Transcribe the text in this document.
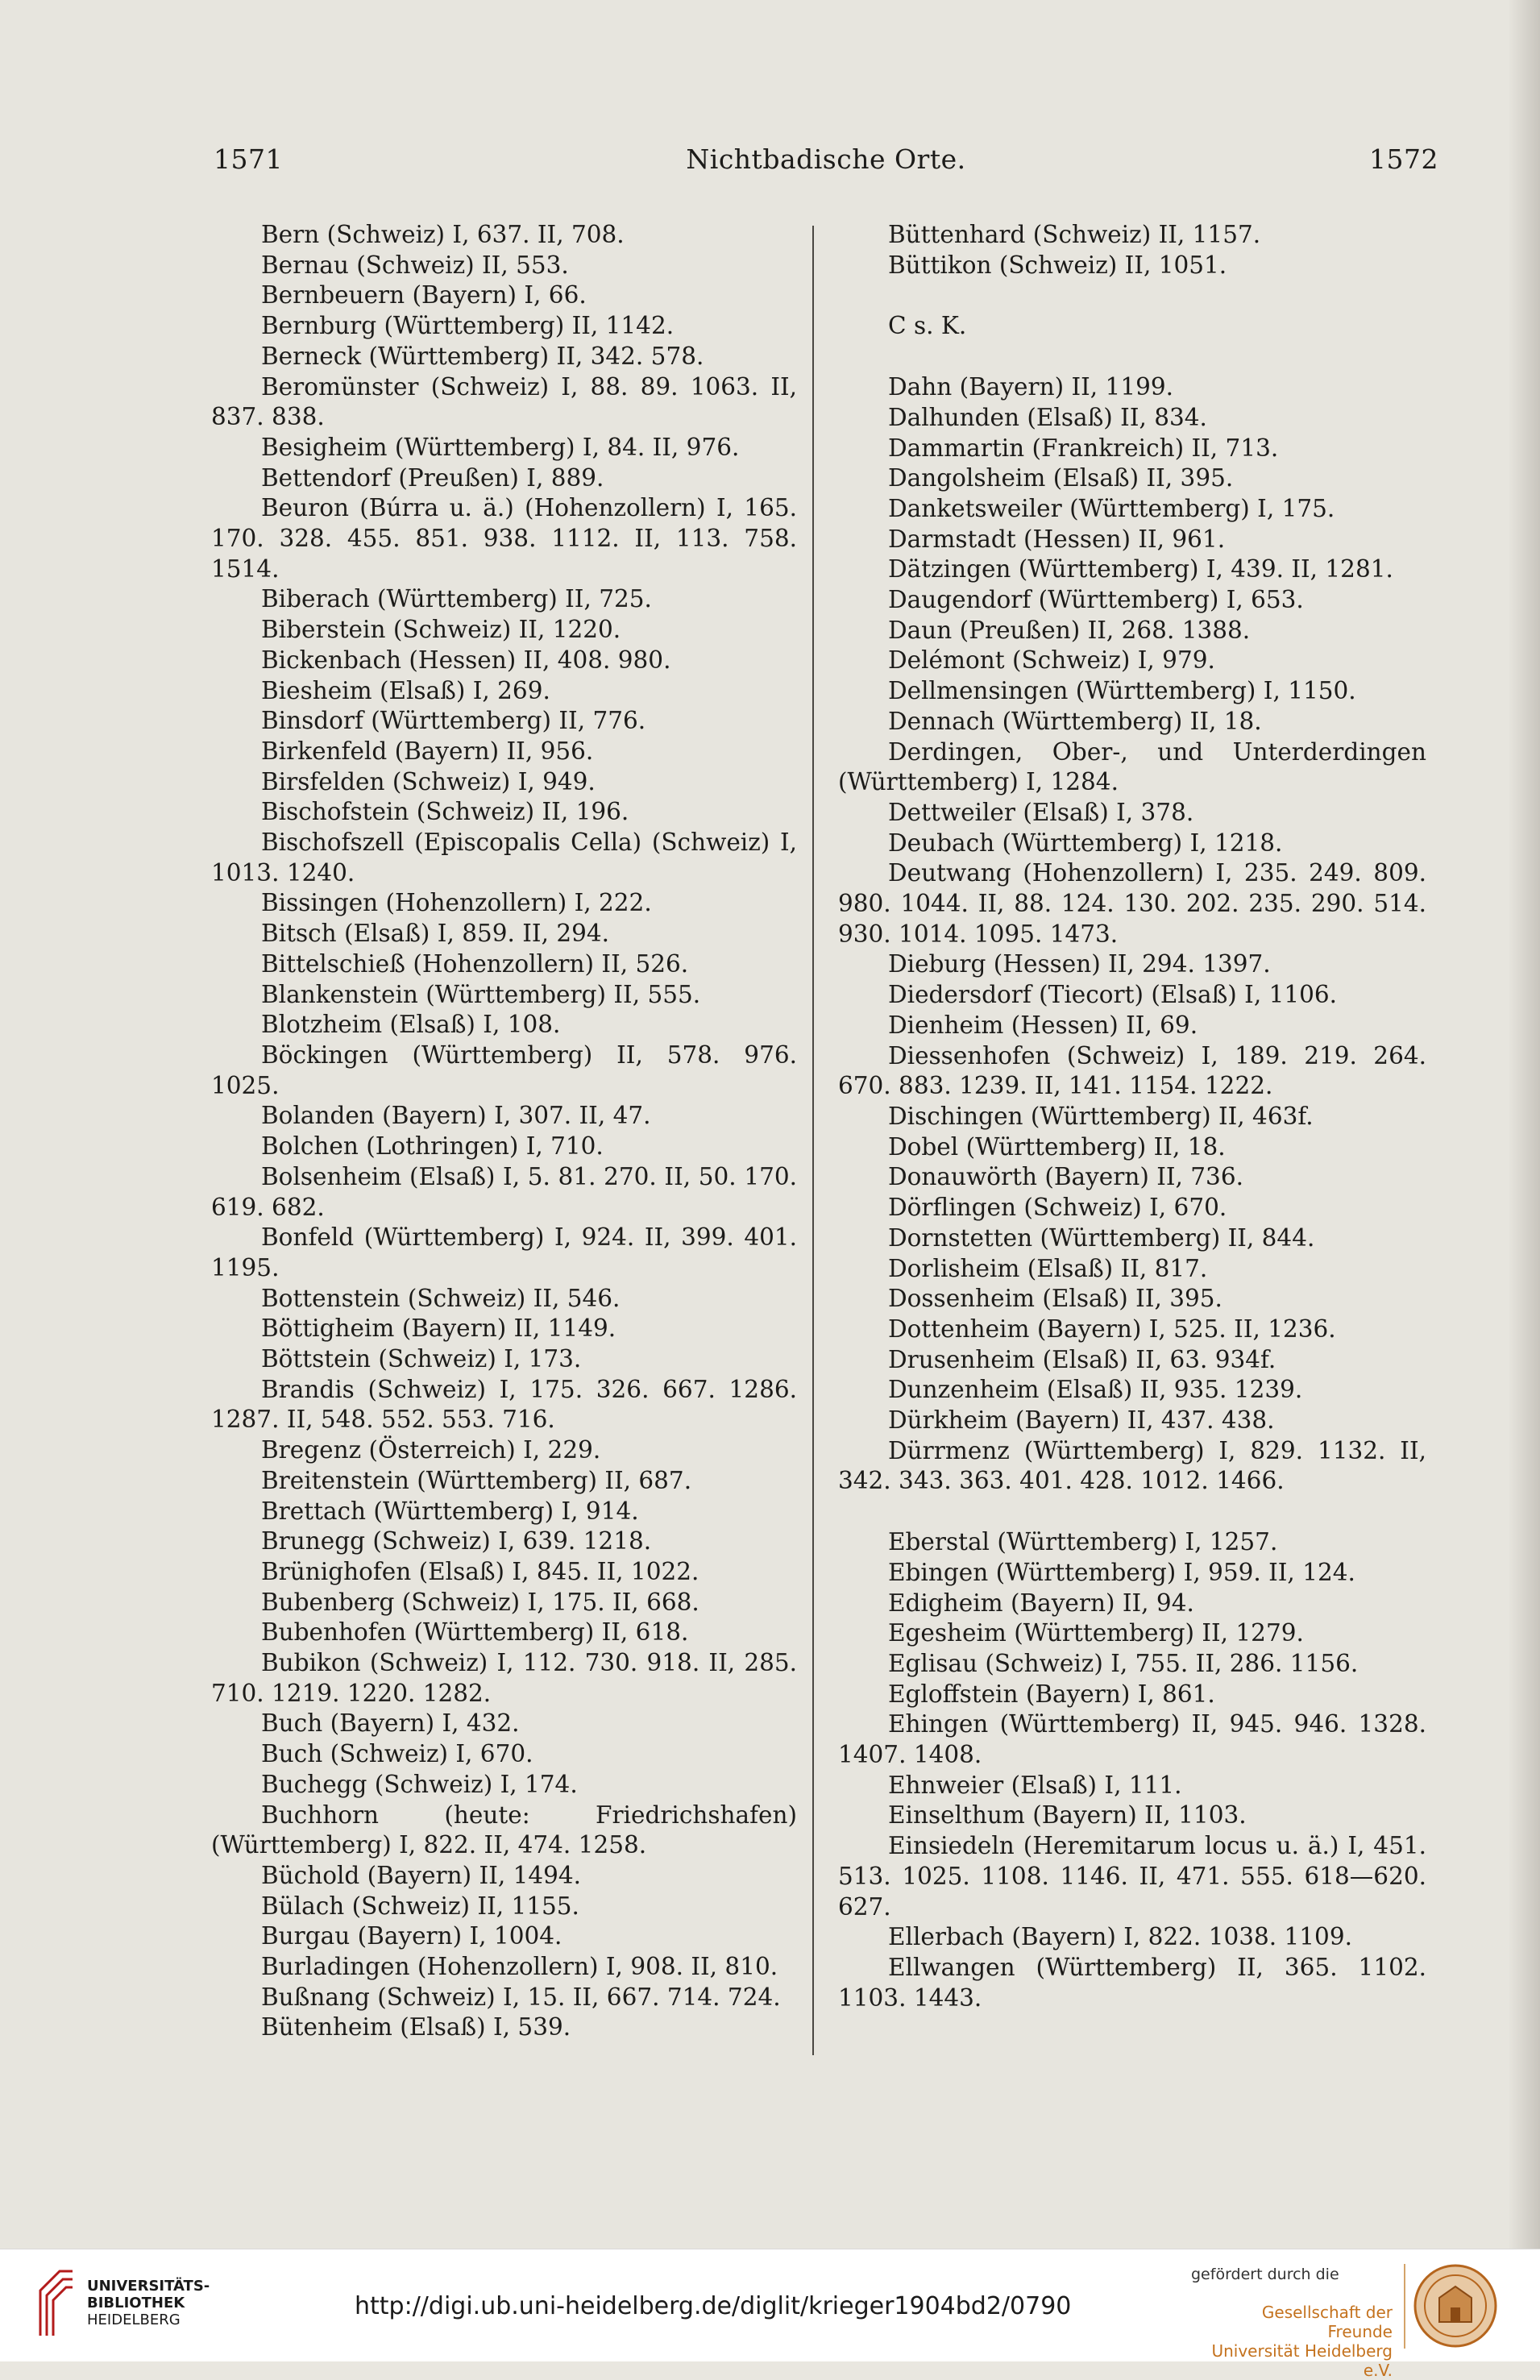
1571	Nichtbadische Orte.	1572
Bern (Schweiz) I, 637. II, 708.
Bernau (Schweiz) II, 553.
Bernbeuern (Bayern) I, 66.
Bernburg (Württemberg) II, 1142.
Berneck (Württemberg) II, 342. 578.
Beromünster (Schweiz) I, 88. 89. 1063. II, 837. 838.
Besigheim (Württemberg) I, 84. II, 976.
Bettendorf (Preußen) I, 889.
Beuron (Búrra u. ä.) (Hohenzollern) I, 165. 170. 328. 455. 851. 938. 1112. II, 113. 758. 1514.
Biberach (Württemberg) II, 725.
Biberstein (Schweiz) II, 1220.
Bickenbach (Hessen) II, 408. 980.
Biesheim (Elsaß) I, 269.
Binsdorf (Württemberg) II, 776.
Birkenfeld (Bayern) II, 956.
Birsfelden (Schweiz) I, 949.
Bischofstein (Schweiz) II, 196.
Bischofszell (Episcopalis Cella) (Schweiz) I, 1013. 1240.
Bissingen (Hohenzollern) I, 222.
Bitsch (Elsaß) I, 859. II, 294.
Bittelschieß (Hohenzollern) II, 526.
Blankenstein (Württemberg) II, 555.
Blotzheim (Elsaß) I, 108.
Böckingen (Württemberg) II, 578. 976. 1025.
Bolanden (Bayern) I, 307. II, 47.
Bolchen (Lothringen) I, 710.
Bolsenheim (Elsaß) I, 5. 81. 270. II, 50. 170. 619. 682.
Bonfeld (Württemberg) I, 924. II, 399. 401. 1195.
Bottenstein (Schweiz) II, 546.
Böttigheim (Bayern) II, 1149.
Böttstein (Schweiz) I, 173.
Brandis (Schweiz) I, 175. 326. 667. 1286. 1287. II, 548. 552. 553. 716.
Bregenz (Österreich) I, 229.
Breitenstein (Württemberg) II, 687.
Brettach (Württemberg) I, 914.
Brunegg (Schweiz) I, 639. 1218.
Brünighofen (Elsaß) I, 845. II, 1022.
Bubenberg (Schweiz) I, 175. II, 668.
Bubenhofen (Württemberg) II, 618.
Bubikon (Schweiz) I, 112. 730. 918. II, 285. 710. 1219. 1220. 1282.
Buch (Bayern) I, 432.
Buch (Schweiz) I, 670.
Buchegg (Schweiz) I, 174.
Buchhorn (heute: Friedrichshafen) (Württemberg) I, 822. II, 474. 1258.
Büchold (Bayern) II, 1494.
Bülach (Schweiz) II, 1155.
Burgau (Bayern) I, 1004.
Burladingen (Hohenzollern) I, 908. II, 810.
Bußnang (Schweiz) I, 15. II, 667. 714. 724.
Bütenheim (Elsaß) I, 539.
Büttenhard (Schweiz) II, 1157.
Büttikon (Schweiz) II, 1051.
C s. K.
Dahn (Bayern) II, 1199.
Dalhunden (Elsaß) II, 834.
Dammartin (Frankreich) II, 713.
Dangolsheim (Elsaß) II, 395.
Danketsweiler (Württemberg) I, 175.
Darmstadt (Hessen) II, 961.
Dätzingen (Württemberg) I, 439. II, 1281.
Daugendorf (Württemberg) I, 653.
Daun (Preußen) II, 268. 1388.
Delémont (Schweiz) I, 979.
Dellmensingen (Württemberg) I, 1150.
Dennach (Württemberg) II, 18.
Derdingen, Ober-, und Unterderdingen (Württemberg) I, 1284.
Dettweiler (Elsaß) I, 378.
Deubach (Württemberg) I, 1218.
Deutwang (Hohenzollern) I, 235. 249. 809. 980. 1044. II, 88. 124. 130. 202. 235. 290. 514. 930. 1014. 1095. 1473.
Dieburg (Hessen) II, 294. 1397.
Diedersdorf (Tiecort) (Elsaß) I, 1106.
Dienheim (Hessen) II, 69.
Diessenhofen (Schweiz) I, 189. 219. 264. 670. 883. 1239. II, 141. 1154. 1222.
Dischingen (Württemberg) II, 463f.
Dobel (Württemberg) II, 18.
Donauwörth (Bayern) II, 736.
Dörflingen (Schweiz) I, 670.
Dornstetten (Württemberg) II, 844.
Dorlisheim (Elsaß) II, 817.
Dossenheim (Elsaß) II, 395.
Dottenheim (Bayern) I, 525. II, 1236.
Drusenheim (Elsaß) II, 63. 934f.
Dunzenheim (Elsaß) II, 935. 1239.
Dürkheim (Bayern) II, 437. 438.
Dürrmenz (Württemberg) I, 829. 1132. II, 342. 343. 363. 401. 428. 1012. 1466.
Eberstal (Württemberg) I, 1257.
Ebingen (Württemberg) I, 959. II, 124.
Edigheim (Bayern) II, 94.
Egesheim (Württemberg) II, 1279.
Eglisau (Schweiz) I, 755. II, 286. 1156.
Egloffstein (Bayern) I, 861.
Ehingen (Württemberg) II, 945. 946. 1328. 1407. 1408.
Ehnweier (Elsaß) I, 111.
Einselthum (Bayern) II, 1103.
Einsiedeln (Heremitarum locus u. ä.) I, 451. 513. 1025. 1108. 1146. II, 471. 555. 618—620. 627.
Ellerbach (Bayern) I, 822. 1038. 1109.
Ellwangen (Württemberg) II, 365. 1102. 1103. 1443.
UNIVERSITÄTS-
BIBLIOTHEK
HEIDELBERG	http://digi.ub.uni-heidelberg.de/diglit/krieger1904bd2/0790
gefördert durch die
Gesellschaft der Freunde
Universität Heidelberg e.V.
